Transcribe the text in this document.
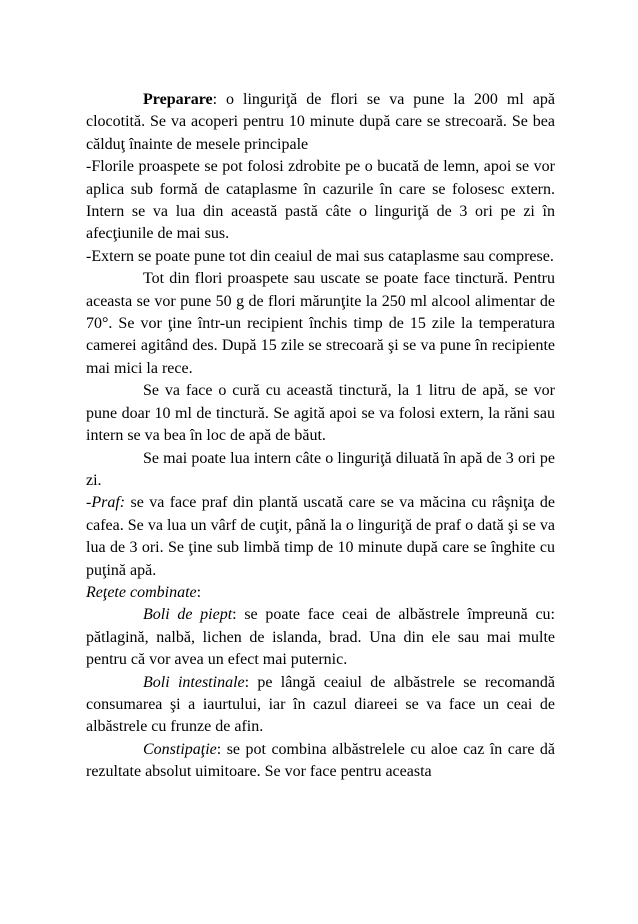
Preparare: o linguriţă de flori se va pune la 200 ml apă clocotită. Se va acoperi pentru 10 minute după care se strecoară. Se bea călduţ înainte de mesele principale

-Florile proaspete se pot folosi zdrobite pe o bucată de lemn, apoi se vor aplica sub formă de cataplasme în cazurile în care se folosesc extern. Intern se va lua din această pastă câte o linguriţă de 3 ori pe zi în afecţiunile de mai sus.

-Extern se poate pune tot din ceaiul de mai sus cataplasme sau comprese.

Tot din flori proaspete sau uscate se poate face tinctură. Pentru aceasta se vor pune 50 g de flori mărunţite la 250 ml alcool alimentar de 70°. Se vor ţine într-un recipient închis timp de 15 zile la temperatura camerei agitând des. După 15 zile se strecoară şi se va pune în recipiente mai mici la rece.

Se va face o cură cu această tinctură, la 1 litru de apă, se vor pune doar 10 ml de tinctură. Se agită apoi se va folosi extern, la răni sau intern se va bea în loc de apă de băut.

Se mai poate lua intern câte o linguriţă diluată în apă de 3 ori pe zi.

-Praf: se va face praf din plantă uscată care se va măcina cu râşniţa de cafea. Se va lua un vârf de cuţit, până la o linguriţă de praf o dată şi se va lua de 3 ori. Se ţine sub limbă timp de 10 minute după care se înghite cu puţină apă.

Reţete combinate:

Boli de piept: se poate face ceai de albăstrele împreună cu: pătlagină, nalbă, lichen de islanda, brad. Una din ele sau mai multe pentru că vor avea un efect mai puternic.

Boli intestinale: pe lângă ceaiul de albăstrele se recomandă consumarea şi a iaurtului, iar în cazul diareei se va face un ceai de albăstrele cu frunze de afin.

Constipaţie: se pot combina albăstrelele cu aloe caz în care dă rezultate absolut uimitoare. Se vor face pentru aceasta
